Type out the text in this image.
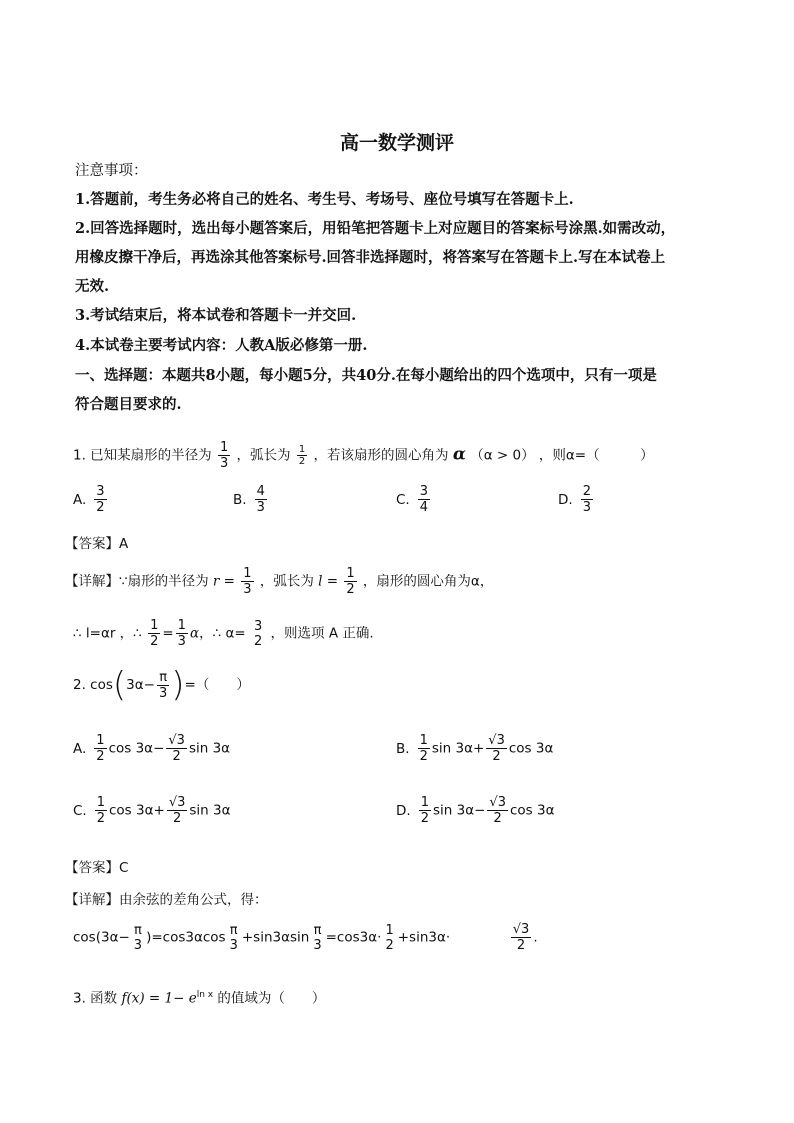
高一数学测评
注意事项：
1.答题前，考生务必将自己的姓名、考生号、考场号、座位号填写在答题卡上.
2.回答选择题时，选出每小题答案后，用铅笔把答题卡上对应题目的答案标号涂黑.如需改动，
用橡皮擦干净后，再选涂其他答案标号.回答非选择题时，将答案写在答题卡上.写在本试卷上
无效.
3.考试结束后，将本试卷和答题卡一并交回.
4.本试卷主要考试内容：人教A版必修第一册.
一、选择题：本题共8小题，每小题5分，共40分.在每小题给出的四个选项中，只有一项是
符合题目要求的.
1. 已知某扇形的半径为 $\frac{1}{3}$ ，弧长为 $\frac{1}{2}$ ，若该扇形的圆心角为 α （α > 0） ，则α=（　　　）
A. $\frac{3}{2}$	B. $\frac{4}{3}$	C. $\frac{3}{4}$	D. $\frac{2}{3}$
【答案】A
【详解】∵扇形的半径为 $r = \frac{1}{3}$ ，弧长为 $l = \frac{1}{2}$ ，扇形的圆心角为α，
∴ l=αr ，∴ $\frac{1}{2} = \frac{1}{3}$ α，∴ α= 3
2 ，则选项 A 正确.
2. $\cos(3\alpha- \frac{\pi}{3}$ )=（　　）
A. $\frac{1}{2}$ $\cos 3\alpha- \frac{√3}{2}$ sin 3α	B. $\frac{1}{2}$ $\sin 3\alpha+ \frac{√3}{2}$ cos 3α
C. $\frac{1}{2}$ $\cos 3\alpha+ \frac{√3}{2}$ sin 3α	D. $\frac{1}{2}$ $\sin 3\alpha- \frac{√3}{2}$ cos 3α
【答案】C
【详解】由余弦的差角公式，得：
cos(3α− π
3 )=cos3αcos π
3 +sin3αsin π
3 =cos3α· 1
2 +sin3α·	$\frac{√3}{2}$ .
3. 函数 $f(x) = 1- e^{ln x}$ 的值域为（　　）
